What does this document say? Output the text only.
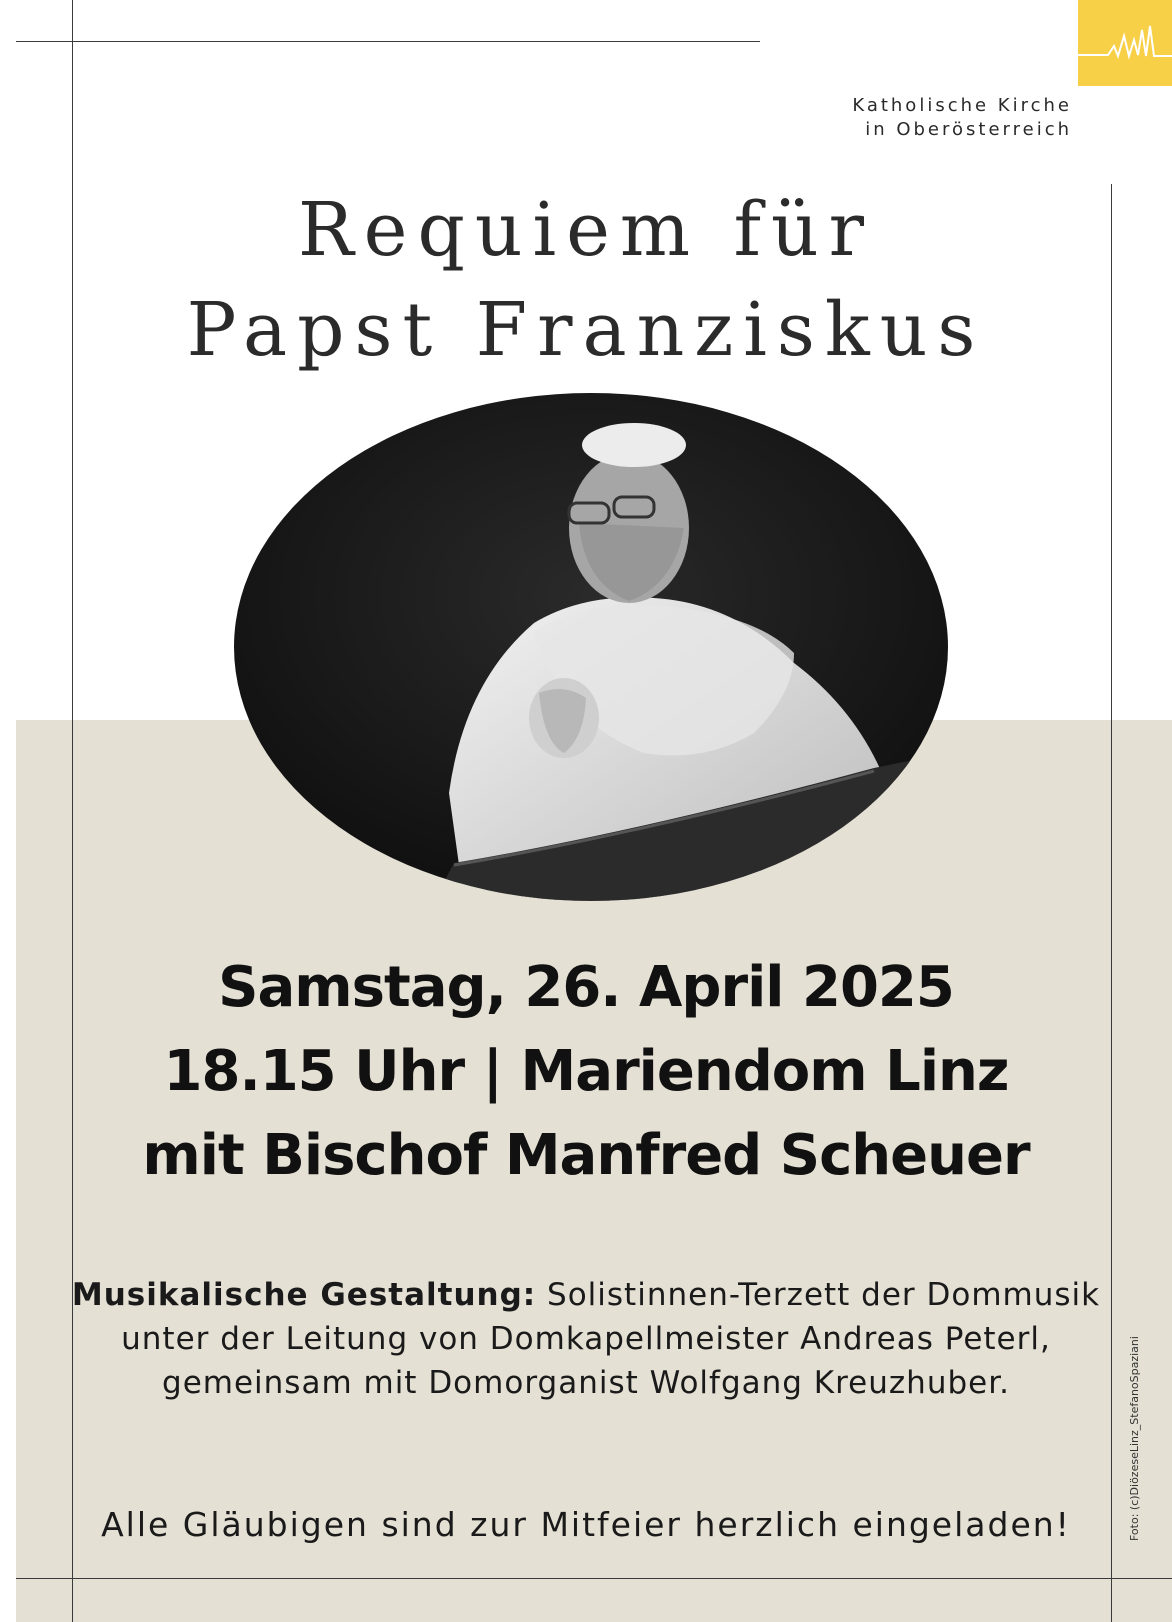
Katholische Kirche
in Oberösterreich
Requiem für
Papst Franziskus
Samstag, 26. April 2025
18.15 Uhr | Mariendom Linz
mit Bischof Manfred Scheuer
Musikalische Gestaltung: Solistinnen-Terzett der Dommusik unter der Leitung von Domkapellmeister Andreas Peterl, gemeinsam mit Domorganist Wolfgang Kreuzhuber.
Alle Gläubigen sind zur Mitfeier herzlich eingeladen!	Foto: (c)DiözeseLinz_StefanoSpaziani
